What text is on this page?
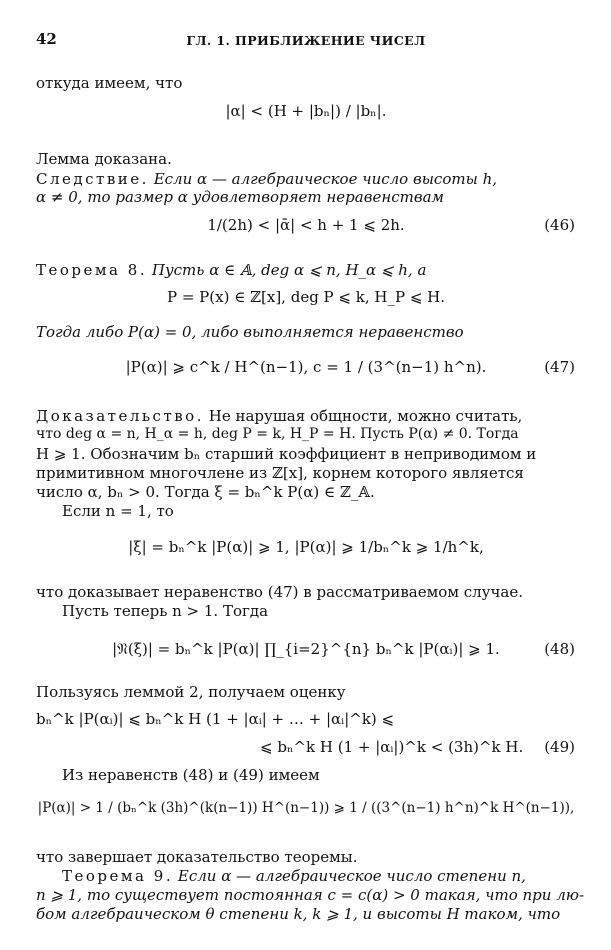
42	ГЛ. 1. ПРИБЛИЖЕНИЕ ЧИСЕЛ
откуда имеем, что
|α| < (H + |bₙ|) / |bₙ|.
Лемма доказана.
Следствие. Если α — алгебраическое число высоты h,
α ≠ 0, то размер α удовлетворяет неравенствам
1/(2h) < |ᾱ| < h + 1 ⩽ 2h.	(46)
Теорема 8. Пусть α ∈ 𝔸, deg α ⩽ n, H_α ⩽ h, a
P = P(x) ∈ ℤ[x], deg P ⩽ k, H_P ⩽ H.
Тогда либо P(α) = 0, либо выполняется неравенство
|P(α)| ⩾ c^k / H^(n−1), c = 1 / (3^(n−1) h^n).	(47)
Доказательство. Не нарушая общности, можно считать,
что deg α = n, H_α = h, deg P = k, H_P = H. Пусть P(α) ≠ 0. Тогда
H ⩾ 1. Обозначим bₙ старший коэффициент в неприводимом и
примитивном многочлене из ℤ[x], корнем которого является
число α, bₙ > 0. Тогда ξ = bₙ^k P(α) ∈ ℤ_𝔸.
Если n = 1, то
|ξ| = bₙ^k |P(α)| ⩾ 1, |P(α)| ⩾ 1/bₙ^k ⩾ 1/h^k,
что доказывает неравенство (47) в рассматриваемом случае.
Пусть теперь n > 1. Тогда
|𝔑(ξ)| = bₙ^k |P(α)| ∏_{i=2}^{n} bₙ^k |P(αᵢ)| ⩾ 1.	(48)
Пользуясь леммой 2, получаем оценку
bₙ^k |P(αᵢ)| ⩽ bₙ^k H (1 + |αᵢ| + … + |αᵢ|^k) ⩽
⩽ bₙ^k H (1 + |αᵢ|)^k < (3h)^k H.	(49)
Из неравенств (48) и (49) имеем
|P(α)| > 1 / (bₙ^k (3h)^(k(n−1)) H^(n−1)) ⩾ 1 / ((3^(n−1) h^n)^k H^(n−1)),
что завершает доказательство теоремы.
Теорема 9. Если α — алгебраическое число степени n,
n ⩾ 1, то существует постоянная c = c(α) > 0 такая, что при лю-
бом алгебраическом θ степени k, k ⩾ 1, и высоты H таком, что
